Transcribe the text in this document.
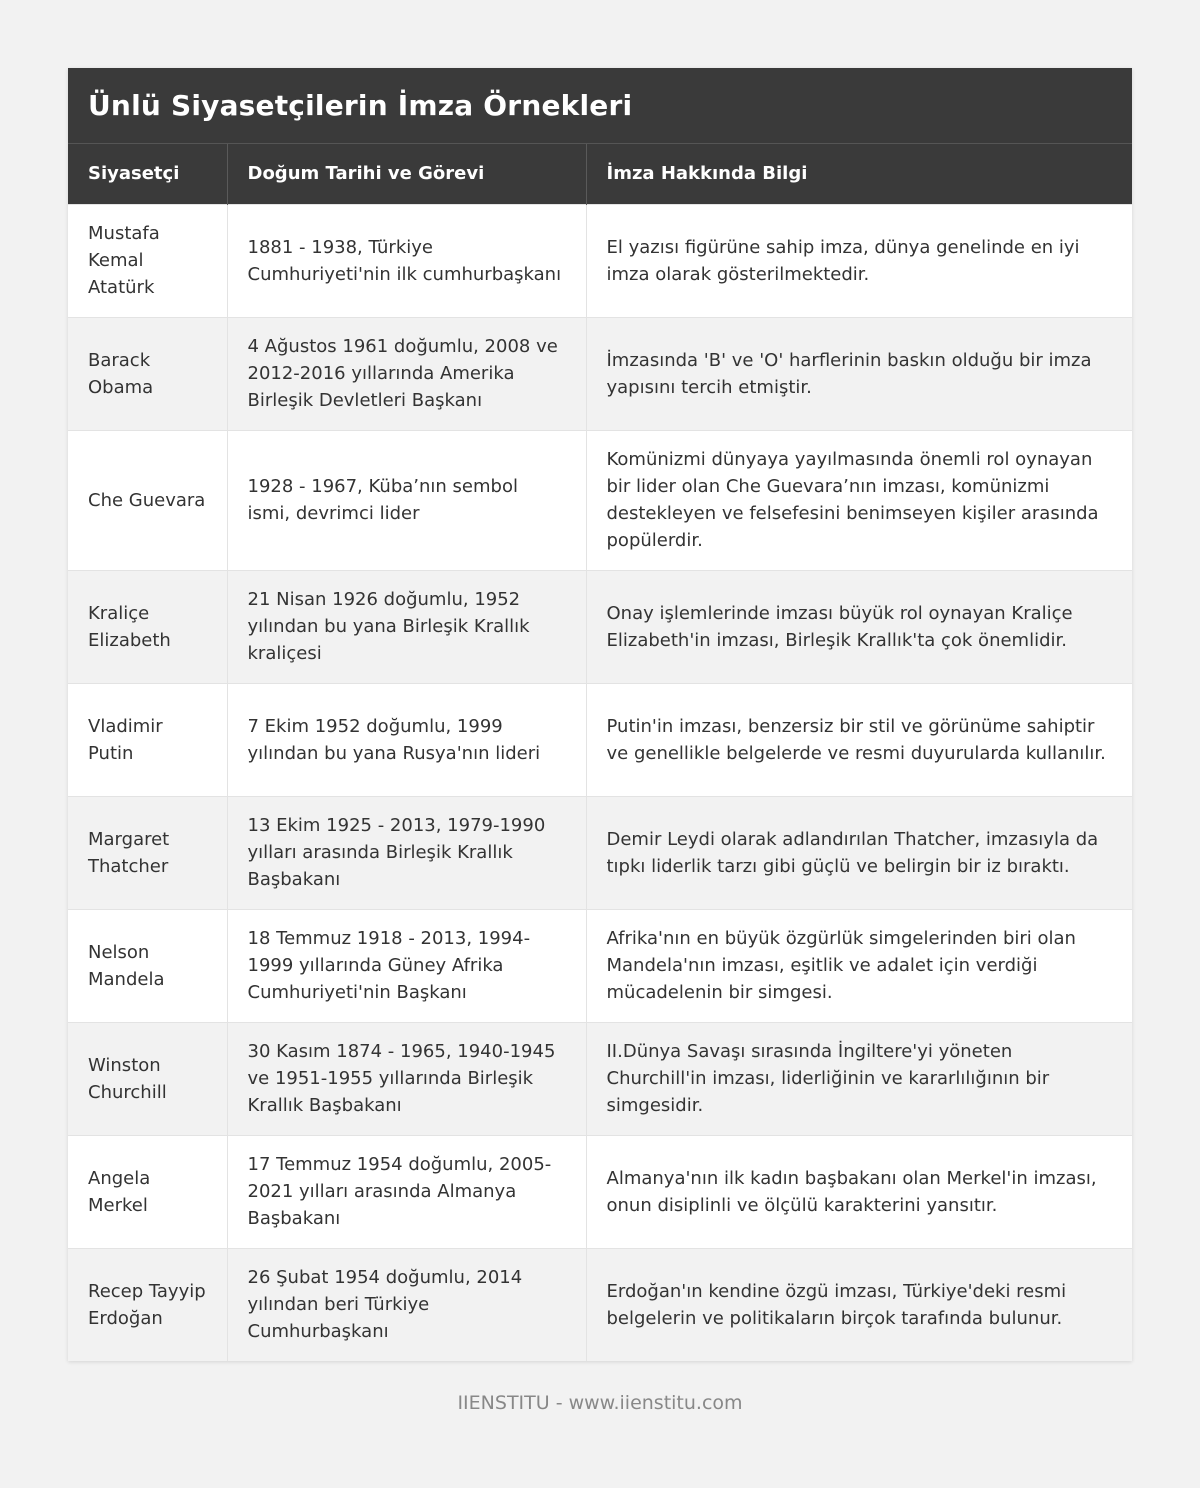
Ünlü Siyasetçilerin İmza Örnekleri
Siyasetçi	Doğum Tarihi ve Görevi	İmza Hakkında Bilgi
Mustafa Kemal Atatürk	1881 - 1938, Türkiye Cumhuriyeti'nin ilk cumhurbaşkanı	El yazısı figürüne sahip imza, dünya genelinde en iyi imza olarak gösterilmektedir.
Barack Obama	4 Ağustos 1961 doğumlu, 2008 ve 2012-2016 yıllarında Amerika Birleşik Devletleri Başkanı	İmzasında 'B' ve 'O' harflerinin baskın olduğu bir imza yapısını tercih etmiştir.
Che Guevara	1928 - 1967, Küba’nın sembol ismi, devrimci lider	Komünizmi dünyaya yayılmasında önemli rol oynayan bir lider olan Che Guevara’nın imzası, komünizmi destekleyen ve felsefesini benimseyen kişiler arasında popülerdir.
Kraliçe Elizabeth	21 Nisan 1926 doğumlu, 1952 yılından bu yana Birleşik Krallık kraliçesi	Onay işlemlerinde imzası büyük rol oynayan Kraliçe Elizabeth'in imzası, Birleşik Krallık'ta çok önemlidir.
Vladimir Putin	7 Ekim 1952 doğumlu, 1999 yılından bu yana Rusya'nın lideri	Putin'in imzası, benzersiz bir stil ve görünüme sahiptir ve genellikle belgelerde ve resmi duyurularda kullanılır.
Margaret Thatcher	13 Ekim 1925 - 2013, 1979-1990 yılları arasında Birleşik Krallık Başbakanı	Demir Leydi olarak adlandırılan Thatcher, imzasıyla da tıpkı liderlik tarzı gibi güçlü ve belirgin bir iz bıraktı.
Nelson Mandela	18 Temmuz 1918 - 2013, 1994-1999 yıllarında Güney Afrika Cumhuriyeti'nin Başkanı	Afrika'nın en büyük özgürlük simgelerinden biri olan Mandela'nın imzası, eşitlik ve adalet için verdiği mücadelenin bir simgesi.
Winston Churchill	30 Kasım 1874 - 1965, 1940-1945 ve 1951-1955 yıllarında Birleşik Krallık Başbakanı	II.Dünya Savaşı sırasında İngiltere'yi yöneten Churchill'in imzası, liderliğinin ve kararlılığının bir simgesidir.
Angela Merkel	17 Temmuz 1954 doğumlu, 2005-2021 yılları arasında Almanya Başbakanı	Almanya'nın ilk kadın başbakanı olan Merkel'in imzası, onun disiplinli ve ölçülü karakterini yansıtır.
Recep Tayyip Erdoğan	26 Şubat 1954 doğumlu, 2014 yılından beri Türkiye Cumhurbaşkanı	Erdoğan'ın kendine özgü imzası, Türkiye'deki resmi belgelerin ve politikaların birçok tarafında bulunur.
IIENSTITU - www.iienstitu.com
